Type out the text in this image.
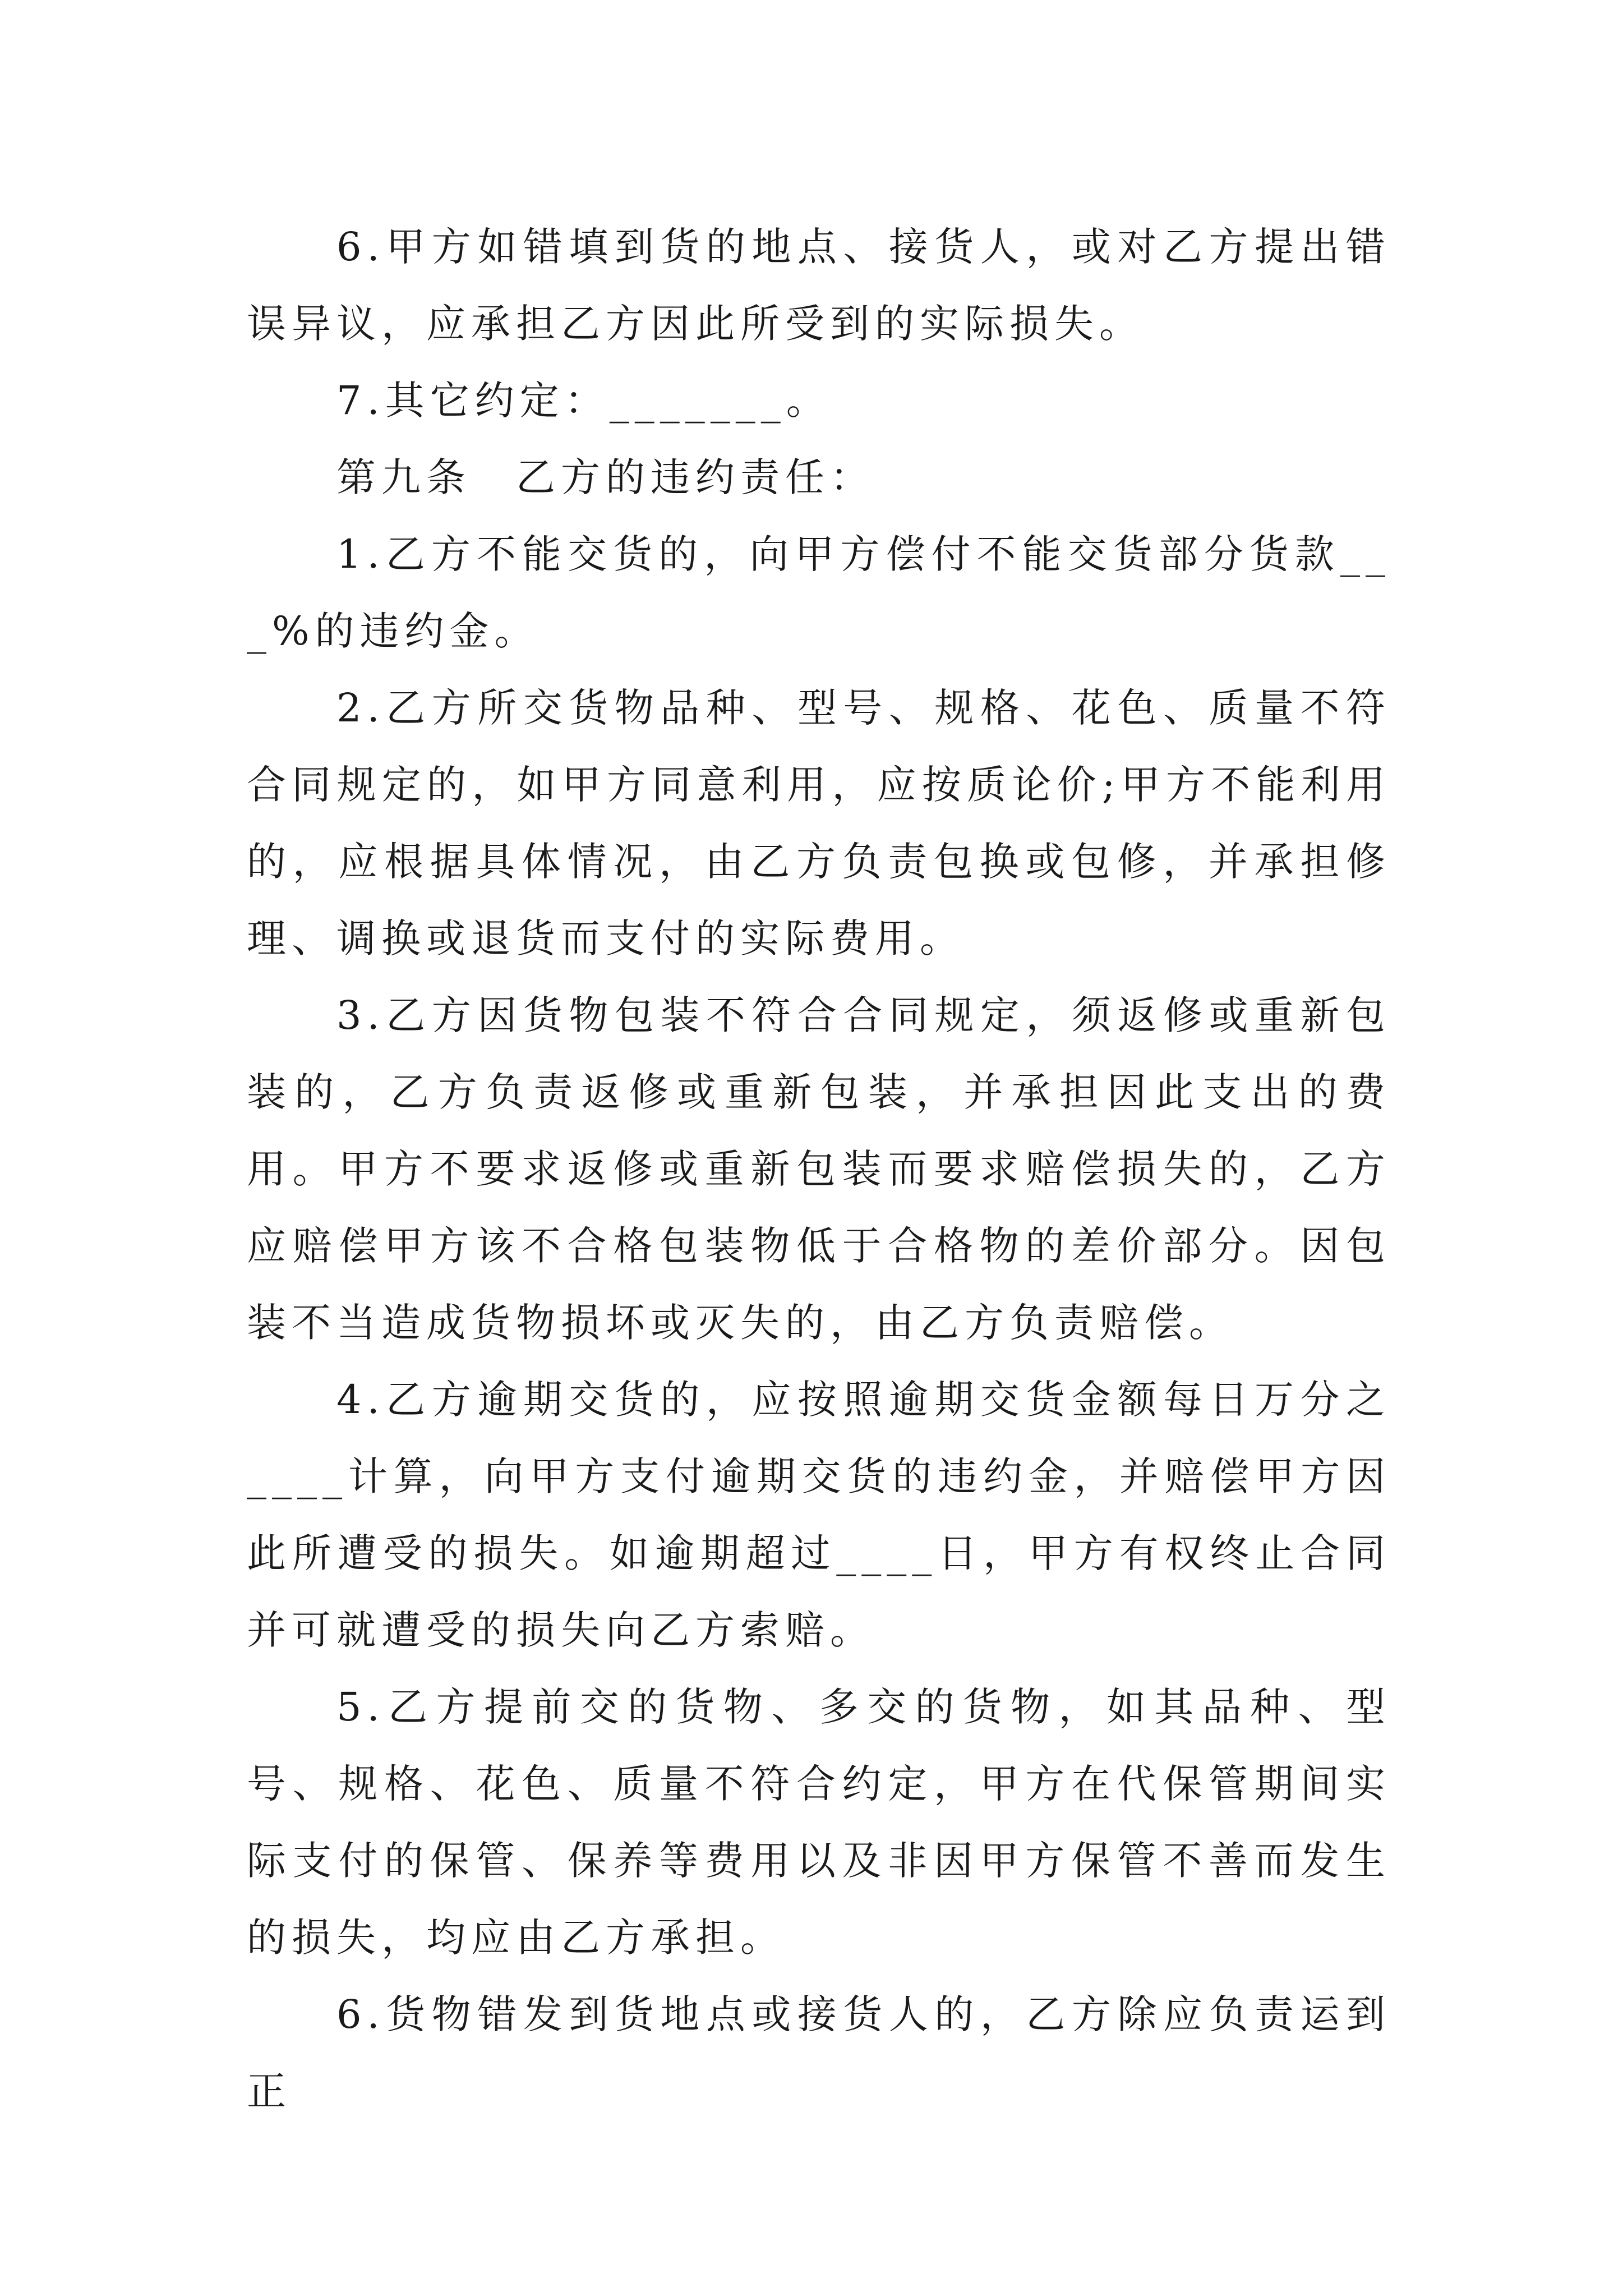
6.甲方如错填到货的地点、接货人，或对乙方提出错误异议，应承担乙方因此所受到的实际损失。

7.其它约定：_______。

第九条　乙方的违约责任：

1.乙方不能交货的，向甲方偿付不能交货部分货款___%的违约金。

2.乙方所交货物品种、型号、规格、花色、质量不符合同规定的，如甲方同意利用，应按质论价;甲方不能利用的，应根据具体情况，由乙方负责包换或包修，并承担修理、调换或退货而支付的实际费用。

3.乙方因货物包装不符合合同规定，须返修或重新包装的，乙方负责返修或重新包装，并承担因此支出的费用。甲方不要求返修或重新包装而要求赔偿损失的，乙方应赔偿甲方该不合格包装物低于合格物的差价部分。因包装不当造成货物损坏或灭失的，由乙方负责赔偿。

4.乙方逾期交货的，应按照逾期交货金额每日万分之____计算，向甲方支付逾期交货的违约金，并赔偿甲方因此所遭受的损失。如逾期超过____日，甲方有权终止合同并可就遭受的损失向乙方索赔。

5.乙方提前交的货物、多交的货物，如其品种、型号、规格、花色、质量不符合约定，甲方在代保管期间实际支付的保管、保养等费用以及非因甲方保管不善而发生的损失，均应由乙方承担。

6.货物错发到货地点或接货人的，乙方除应负责运到正
